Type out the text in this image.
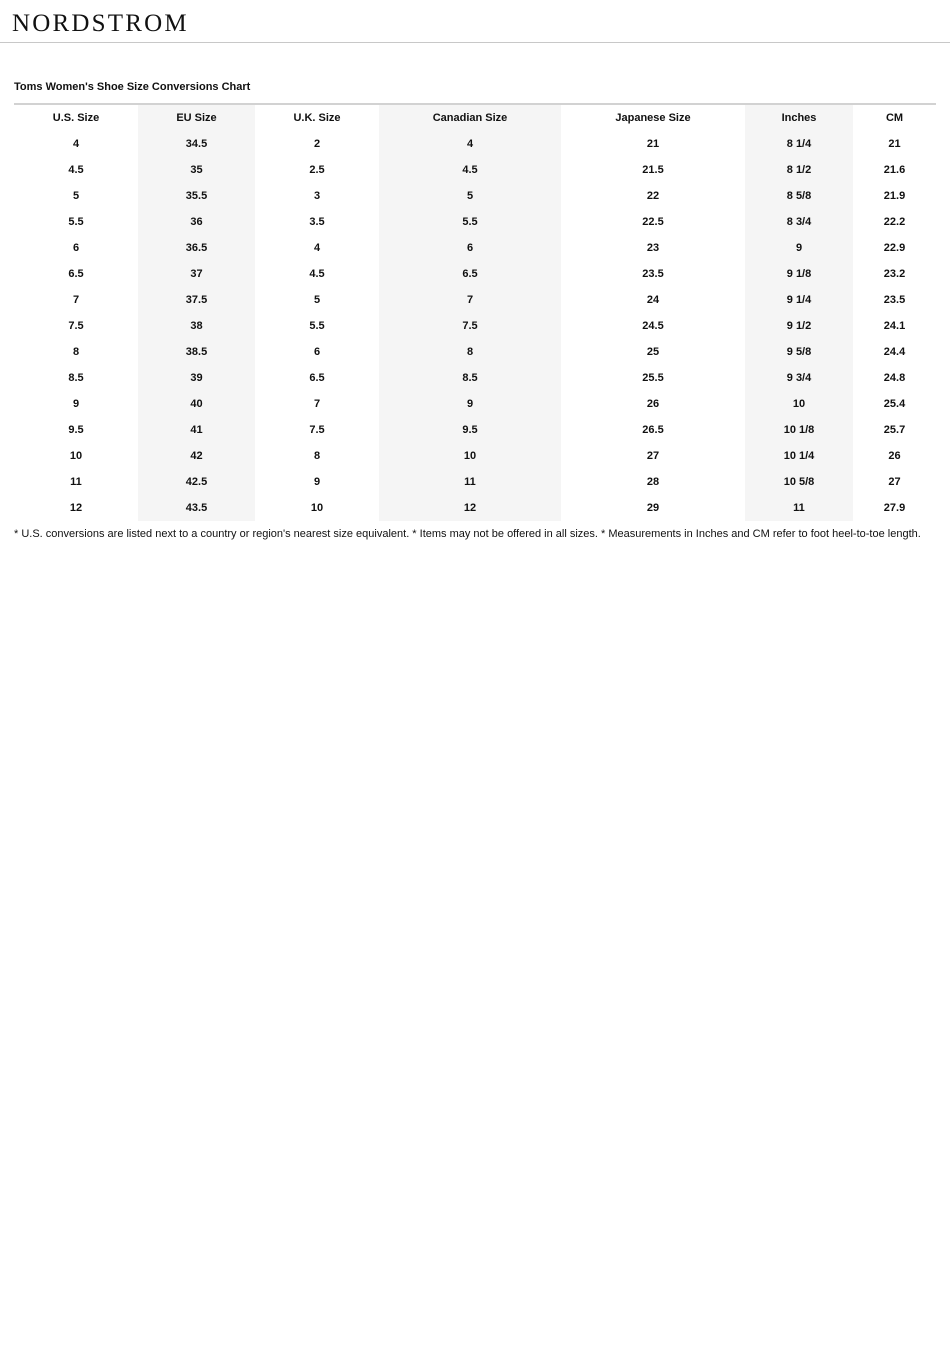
NORDSTROM
Toms Women's Shoe Size Conversions Chart
U.S. Size	EU Size	U.K. Size	Canadian Size	Japanese Size	Inches	CM
4	34.5	2	4	21	8 1/4	21
4.5	35	2.5	4.5	21.5	8 1/2	21.6
5	35.5	3	5	22	8 5/8	21.9
5.5	36	3.5	5.5	22.5	8 3/4	22.2
6	36.5	4	6	23	9	22.9
6.5	37	4.5	6.5	23.5	9 1/8	23.2
7	37.5	5	7	24	9 1/4	23.5
7.5	38	5.5	7.5	24.5	9 1/2	24.1
8	38.5	6	8	25	9 5/8	24.4
8.5	39	6.5	8.5	25.5	9 3/4	24.8
9	40	7	9	26	10	25.4
9.5	41	7.5	9.5	26.5	10 1/8	25.7
10	42	8	10	27	10 1/4	26
11	42.5	9	11	28	10 5/8	27
12	43.5	10	12	29	11	27.9
* U.S. conversions are listed next to a country or region's nearest size equivalent. * Items may not be offered in all sizes. * Measurements in Inches and CM refer to foot heel-to-toe length.
